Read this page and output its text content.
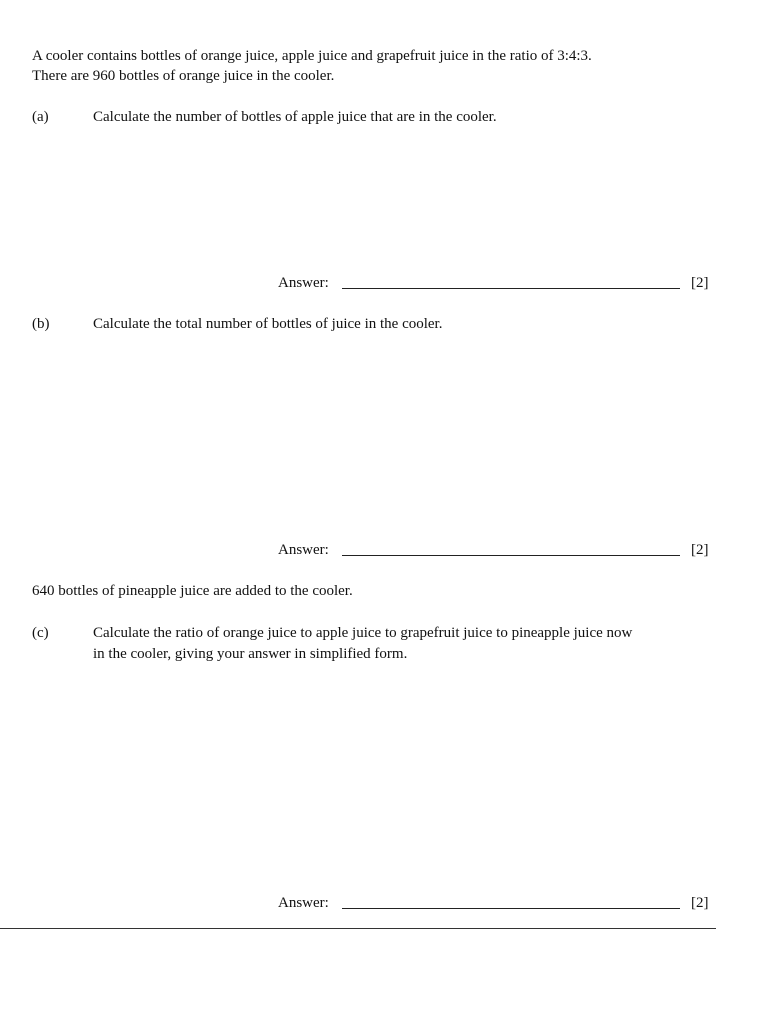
A cooler contains bottles of orange juice, apple juice and grapefruit juice in the ratio of 3:4:3.
There are 960 bottles of orange juice in the cooler.
(a)	Calculate the number of bottles of apple juice that are in the cooler.
Answer:	[2]
(b)	Calculate the total number of bottles of juice in the cooler.
Answer:	[2]
640 bottles of pineapple juice are added to the cooler.
(c)	Calculate the ratio of orange juice to apple juice to grapefruit juice to pineapple juice now
in the cooler, giving your answer in simplified form.
Answer:	[2]
